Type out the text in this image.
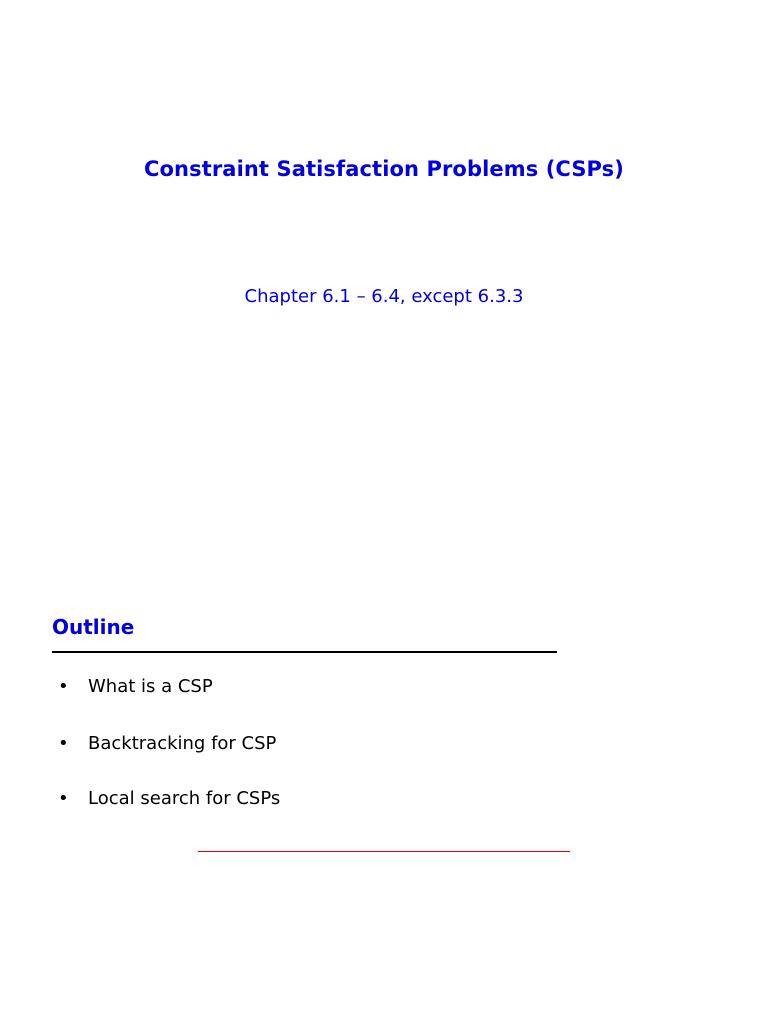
Constraint Satisfaction Problems (CSPs)

Chapter 6.1 – 6.4, except 6.3.3

Outline
• What is a CSP
• Backtracking for CSP
• Local search for CSPs
